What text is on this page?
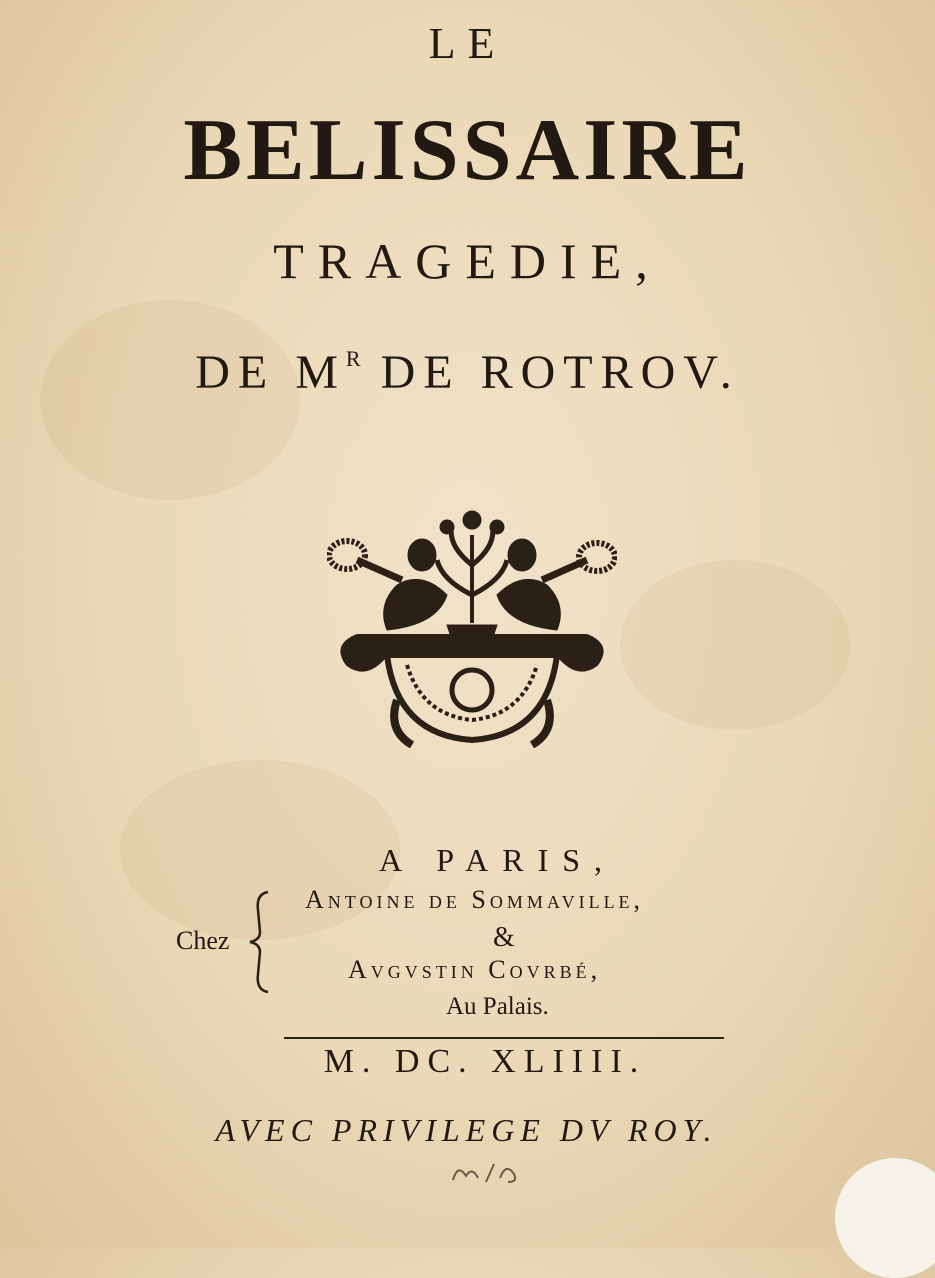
LE
BELISSAIRE
TRAGEDIE,
DE $M^R$ DE ROTROV.
A PARIS,
Chez
Antoine de Sommaville,
&
Avgvstin Covrbé,
Au Palais.
M. DC. XLIIII.
AVEC PRIVILEGE DV ROY.
